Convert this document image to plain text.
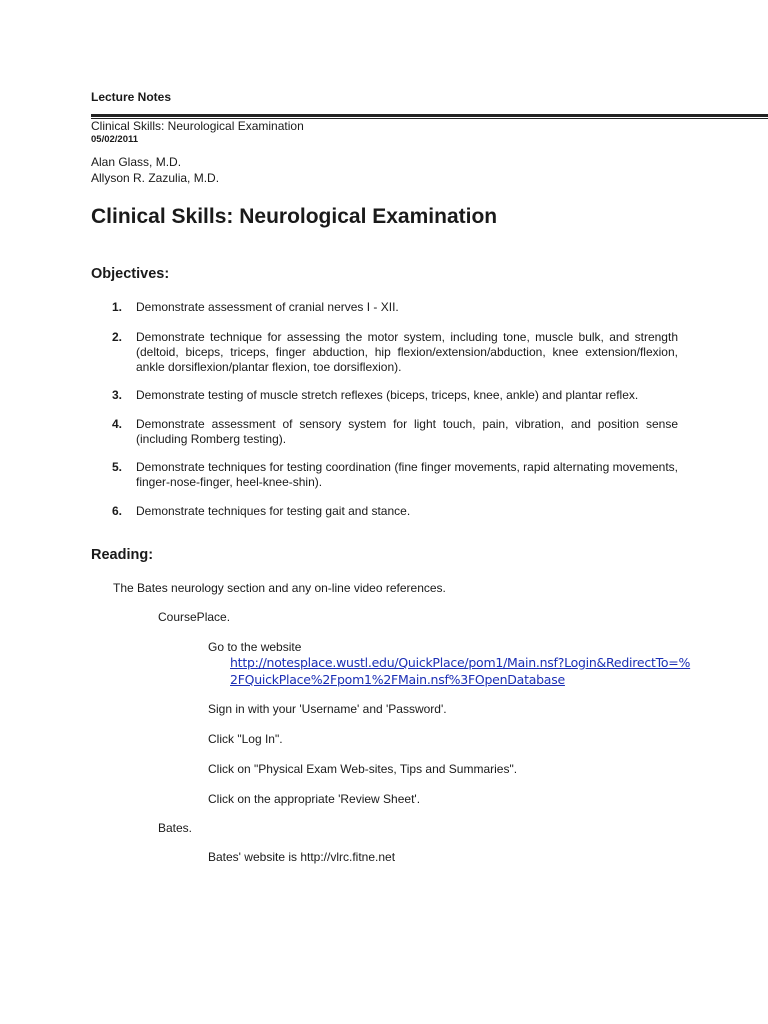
Lecture Notes
Clinical Skills: Neurological Examination
05/02/2011
Alan Glass, M.D.
Allyson R. Zazulia, M.D.
Clinical Skills: Neurological Examination
Objectives:
1. Demonstrate assessment of cranial nerves I - XII.
2. Demonstrate technique for assessing the motor system, including tone, muscle bulk, and strength (deltoid, biceps, triceps, finger abduction, hip flexion/extension/abduction, knee extension/flexion, ankle dorsiflexion/plantar flexion, toe dorsiflexion).
3. Demonstrate testing of muscle stretch reflexes (biceps, triceps, knee, ankle) and plantar reflex.
4. Demonstrate assessment of sensory system for light touch, pain, vibration, and position sense (including Romberg testing).
5. Demonstrate techniques for testing coordination (fine finger movements, rapid alternating movements, finger-nose-finger, heel-knee-shin).
6. Demonstrate techniques for testing gait and stance.
Reading:
The Bates neurology section and any on-line video references.
CoursePlace.
Go to the website
http://notesplace.wustl.edu/QuickPlace/pom1/Main.nsf?Login&RedirectTo=%
2FQuickPlace%2Fpom1%2FMain.nsf%3FOpenDatabase
Sign in with your 'Username' and 'Password'.
Click "Log In".
Click on "Physical Exam Web-sites, Tips and Summaries".
Click on the appropriate 'Review Sheet'.
Bates.
Bates' website is http://vlrc.fitne.net
